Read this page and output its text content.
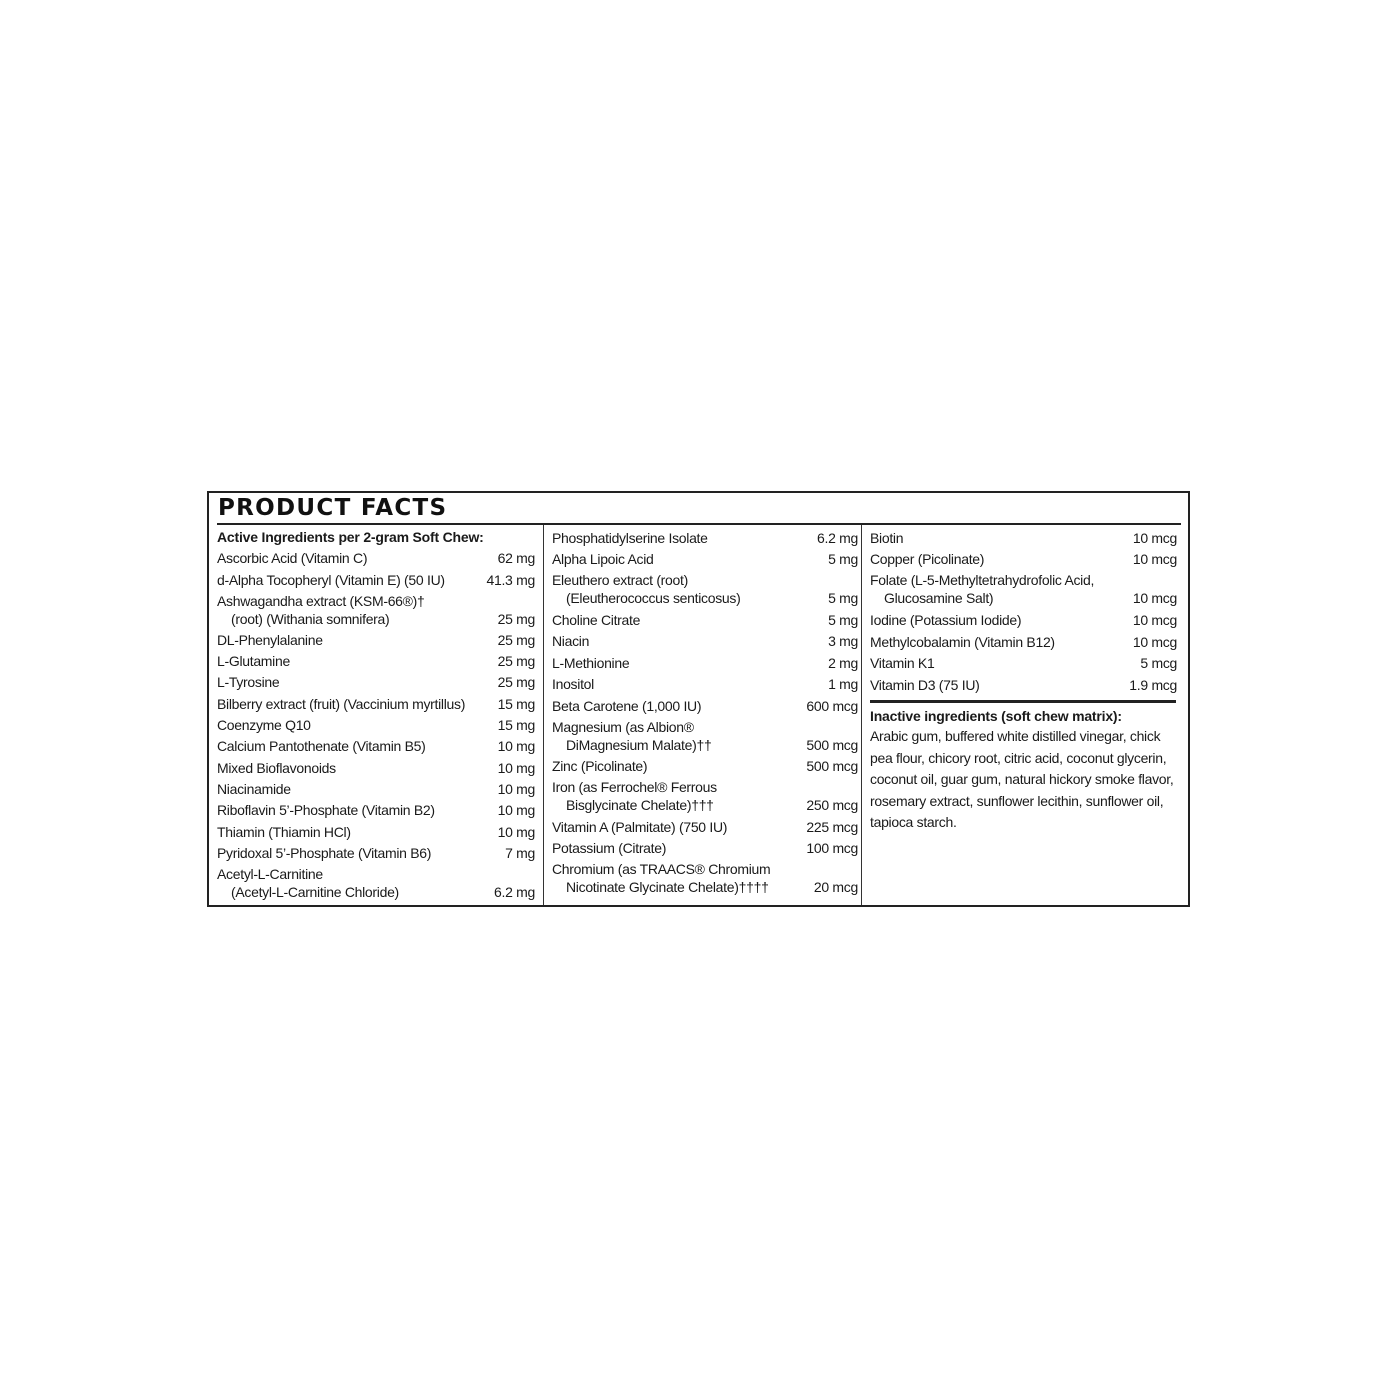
PRODUCT FACTS
Active Ingredients per 2-gram Soft Chew:
Ascorbic Acid (Vitamin C)	62 mg
d-Alpha Tocopheryl (Vitamin E) (50 IU)	41.3 mg
Ashwagandha extract (KSM-66®)†
(root) (Withania somnifera)	25 mg
DL-Phenylalanine	25 mg
L-Glutamine	25 mg
L-Tyrosine	25 mg
Bilberry extract (fruit) (Vaccinium myrtillus)	15 mg
Coenzyme Q10	15 mg
Calcium Pantothenate (Vitamin B5)	10 mg
Mixed Bioflavonoids	10 mg
Niacinamide	10 mg
Riboflavin 5’-Phosphate (Vitamin B2)	10 mg
Thiamin (Thiamin HCl)	10 mg
Pyridoxal 5’-Phosphate (Vitamin B6)	7 mg
Acetyl-L-Carnitine
(Acetyl-L-Carnitine Chloride)	6.2 mg
Phosphatidylserine Isolate	6.2 mg
Alpha Lipoic Acid	5 mg
Eleuthero extract (root)
(Eleutherococcus senticosus)	5 mg
Choline Citrate	5 mg
Niacin	3 mg
L-Methionine	2 mg
Inositol	1 mg
Beta Carotene (1,000 IU)	600 mcg
Magnesium (as Albion®
DiMagnesium Malate)††	500 mcg
Zinc (Picolinate)	500 mcg
Iron (as Ferrochel® Ferrous
Bisglycinate Chelate)†††	250 mcg
Vitamin A (Palmitate) (750 IU)	225 mcg
Potassium (Citrate)	100 mcg
Chromium (as TRAACS® Chromium
Nicotinate Glycinate Chelate)††††	20 mcg
Biotin	10 mcg
Copper (Picolinate)	10 mcg
Folate (L-5-Methyltetrahydrofolic Acid,
Glucosamine Salt)	10 mcg
Iodine (Potassium Iodide)	10 mcg
Methylcobalamin (Vitamin B12)	10 mcg
Vitamin K1	5 mcg
Vitamin D3 (75 IU)	1.9 mcg
Inactive ingredients (soft chew matrix):
Arabic gum, buffered white distilled vinegar, chick pea flour, chicory root, citric acid, coconut glycerin, coconut oil, guar gum, natural hickory smoke flavor, rosemary extract, sunflower lecithin, sunflower oil, tapioca starch.
